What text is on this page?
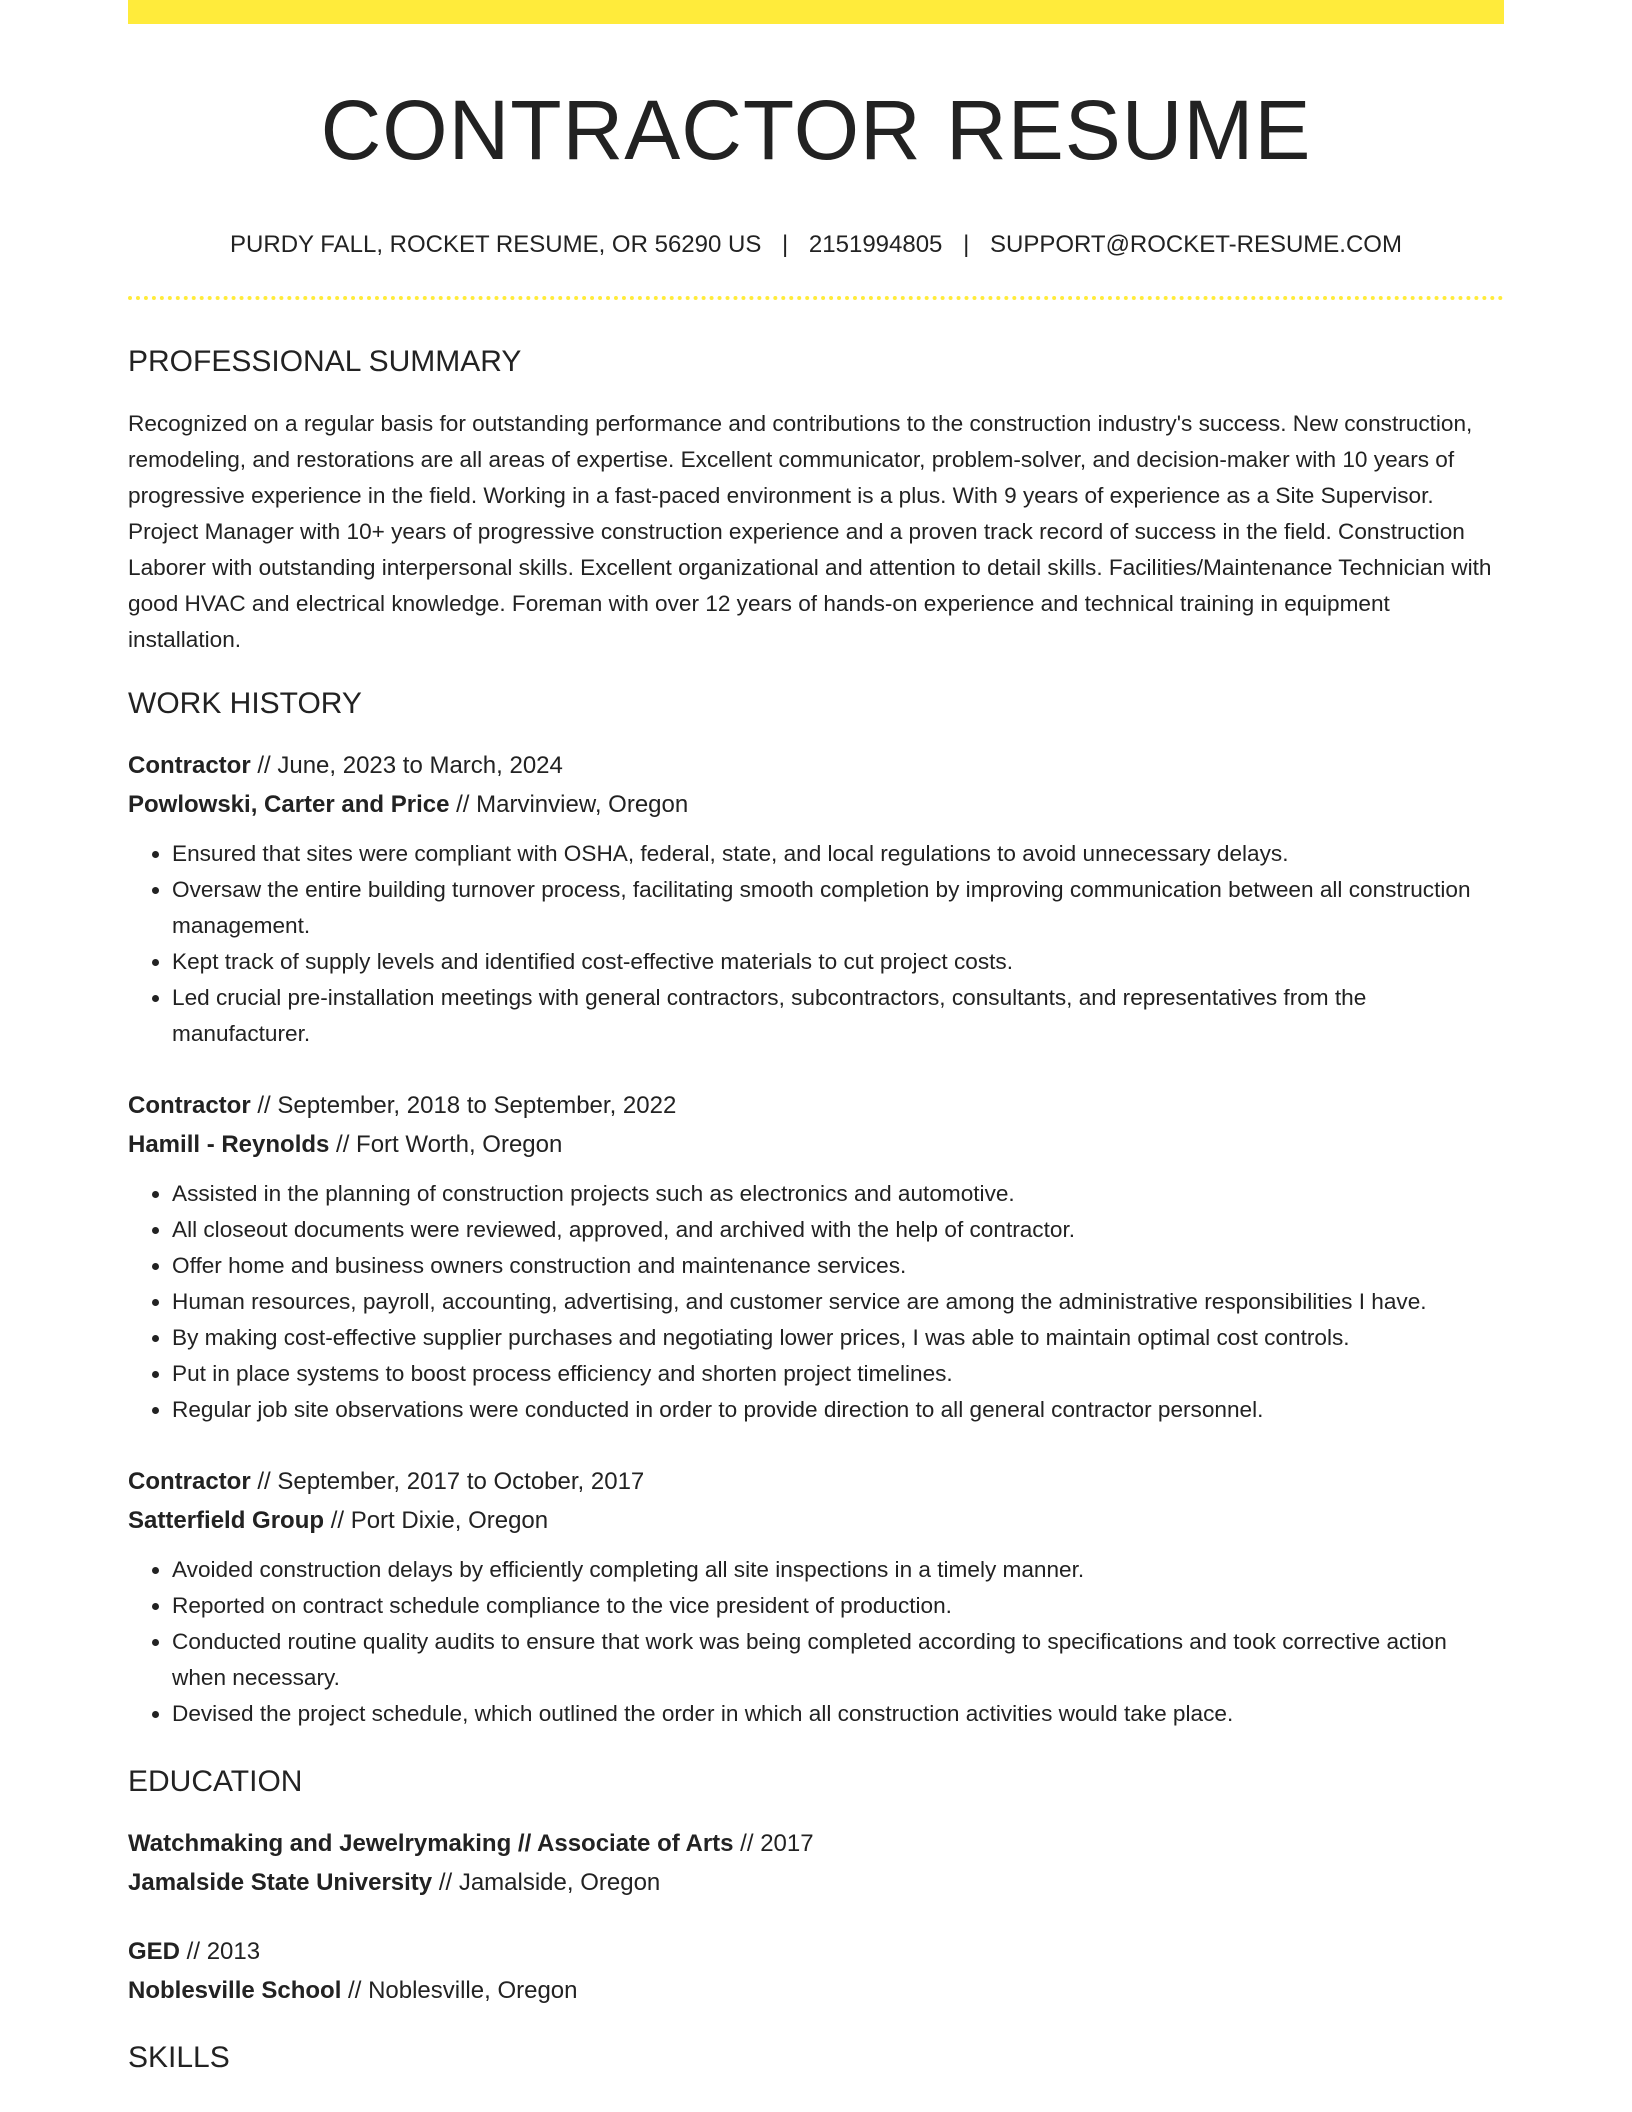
CONTRACTOR RESUME
PURDY FALL, ROCKET RESUME, OR 56290 US | 2151994805 | SUPPORT@ROCKET-RESUME.COM
PROFESSIONAL SUMMARY
Recognized on a regular basis for outstanding performance and contributions to the construction industry's success. New construction, remodeling, and restorations are all areas of expertise. Excellent communicator, problem-solver, and decision-maker with 10 years of progressive experience in the field. Working in a fast-paced environment is a plus. With 9 years of experience as a Site Supervisor. Project Manager with 10+ years of progressive construction experience and a proven track record of success in the field. Construction Laborer with outstanding interpersonal skills. Excellent organizational and attention to detail skills. Facilities/Maintenance Technician with good HVAC and electrical knowledge. Foreman with over 12 years of hands-on experience and technical training in equipment installation.
WORK HISTORY
Contractor // June, 2023 to March, 2024
Powlowski, Carter and Price // Marvinview, Oregon
• Ensured that sites were compliant with OSHA, federal, state, and local regulations to avoid unnecessary delays.
• Oversaw the entire building turnover process, facilitating smooth completion by improving communication between all construction management.
• Kept track of supply levels and identified cost-effective materials to cut project costs.
• Led crucial pre-installation meetings with general contractors, subcontractors, consultants, and representatives from the manufacturer.
Contractor // September, 2018 to September, 2022
Hamill - Reynolds // Fort Worth, Oregon
• Assisted in the planning of construction projects such as electronics and automotive.
• All closeout documents were reviewed, approved, and archived with the help of contractor.
• Offer home and business owners construction and maintenance services.
• Human resources, payroll, accounting, advertising, and customer service are among the administrative responsibilities I have.
• By making cost-effective supplier purchases and negotiating lower prices, I was able to maintain optimal cost controls.
• Put in place systems to boost process efficiency and shorten project timelines.
• Regular job site observations were conducted in order to provide direction to all general contractor personnel.
Contractor // September, 2017 to October, 2017
Satterfield Group // Port Dixie, Oregon
• Avoided construction delays by efficiently completing all site inspections in a timely manner.
• Reported on contract schedule compliance to the vice president of production.
• Conducted routine quality audits to ensure that work was being completed according to specifications and took corrective action when necessary.
• Devised the project schedule, which outlined the order in which all construction activities would take place.
EDUCATION
Watchmaking and Jewelrymaking // Associate of Arts // 2017
Jamalside State University // Jamalside, Oregon
GED // 2013
Noblesville School // Noblesville, Oregon
SKILLS
